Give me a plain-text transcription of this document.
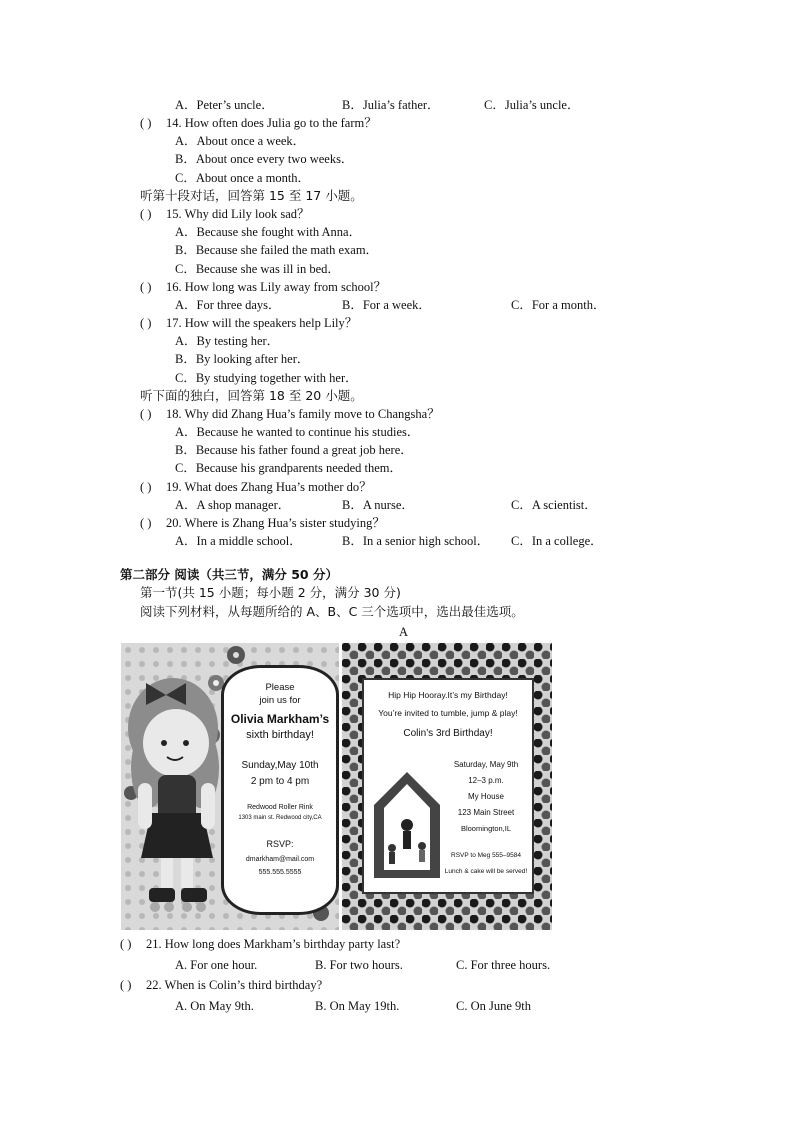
A．Peter’s uncle．	B．Julia’s father．	C．Julia’s uncle．
( ) 14. How often does Julia go to the farm？
A．About once a week．
B．About once every two weeks．
C．About once a month．
听第十段对话，回答第 15 至 17 小题。
( ) 15. Why did Lily look sad？
A．Because she fought with Anna．
B．Because she failed the math exam．
C．Because she was ill in bed．
( ) 16. How long was Lily away from school？
A．For three days．	B．For a week．	C．For a month．
( ) 17. How will the speakers help Lily？
A．By testing her．
B．By looking after her．
C．By studying together with her．
听下面的独白，回答第 18 至 20 小题。
( ) 18. Why did Zhang Hua’s family move to Changsha？
A．Because he wanted to continue his studies．
B．Because his father found a great job here．
C．Because his grandparents needed them．
( ) 19. What does Zhang Hua’s mother do？
A．A shop manager．	B．A nurse．	C．A scientist．
( ) 20. Where is Zhang Hua’s sister studying？
A．In a middle school．	B．In a senior high school． C．In a college．
第二部分 阅读（共三节，满分 50 分）
第一节(共 15 小题；每小题 2 分，满分 30 分)
阅读下列材料，从每题所给的 A、B、C 三个选项中，选出最佳选项。
A
Please
join us for
Olivia Markham’s
sixth birthday!
Sunday,May 10th
2 pm to 4 pm
Redwood Roller Rink
1303 main st. Redwood city,CA
RSVP:
dmarkham@mail.com
555.555.5555
Hip Hip Hooray.It’s my Birthday!
You’re invited to tumble, jump & play!
Colin’s 3rd Birthday!
Saturday, May 9th
12–3 p.m.
My House
123 Main Street
Bloomington,IL
RSVP to Meg 555–9584
Lunch & cake will be served!
( ) 21. How long does Markham’s birthday party last?
A. For one hour.	B. For two hours.	C. For three hours.
( ) 22. When is Colin’s third birthday?
A. On May 9th.	B. On May 19th.	C. On June 9th
